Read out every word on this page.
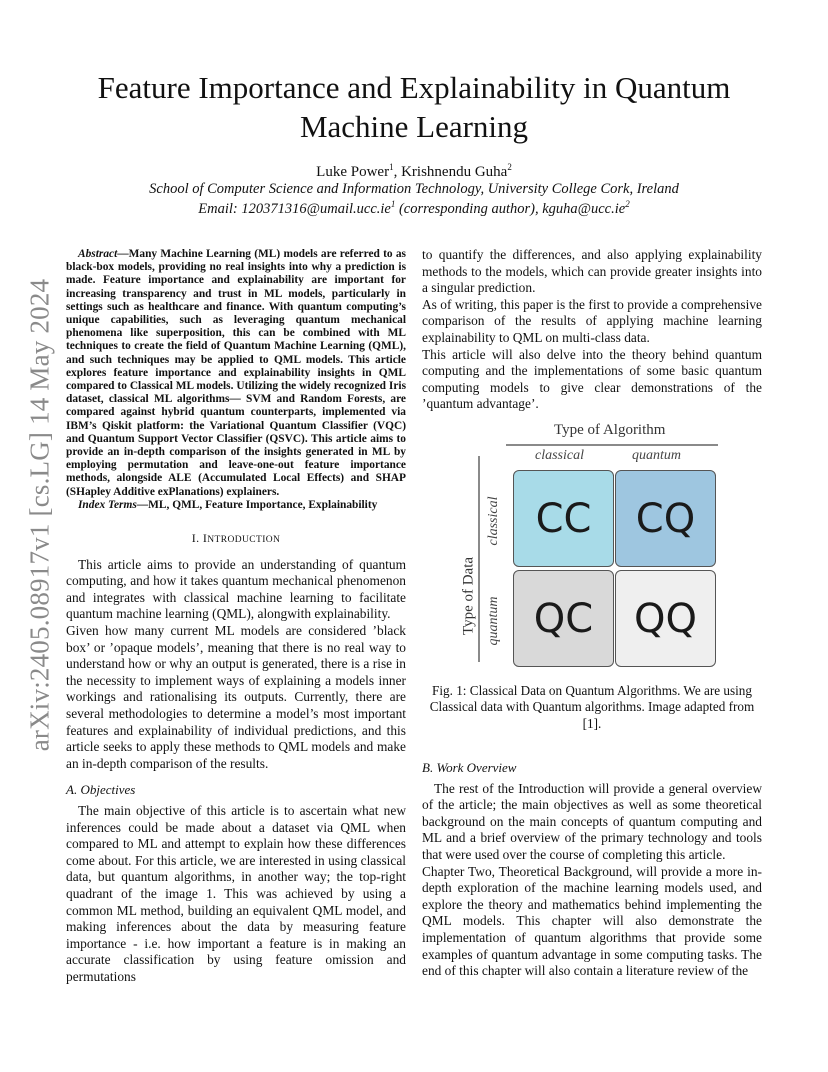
arXiv:2405.08917v1 [cs.LG] 14 May 2024
Feature Importance and Explainability in Quantum
Machine Learning
Luke Power$^1$, Krishnendu Guha$^2$
School of Computer Science and Information Technology, University College Cork, Ireland
Email: $120371316@umail.ucc.ie^1$ (corresponding author), $kguha@ucc.ie^2$

Abstract—Many Machine Learning (ML) models are referred to as black-box models, providing no real insights into why a prediction is made. Feature importance and explainability are important for increasing transparency and trust in ML models, particularly in settings such as healthcare and finance. With quantum computing’s unique capabilities, such as leveraging quantum mechanical phenomena like superposition, this can be combined with ML techniques to create the field of Quantum Machine Learning (QML), and such techniques may be applied to QML models. This article explores feature importance and explainability insights in QML compared to Classical ML models. Utilizing the widely recognized Iris dataset, classical ML algorithms— SVM and Random Forests, are compared against hybrid quantum counterparts, implemented via IBM’s Qiskit platform: the Variational Quantum Classifier (VQC) and Quantum Support Vector Classifier (QSVC). This article aims to provide an in-depth comparison of the insights generated in ML by employing permutation and leave-one-out feature importance methods, alongside ALE (Accumulated Local Effects) and SHAP (SHapley Additive exPlanations) explainers.

Index Terms—ML, QML, Feature Importance, Explainability

I. INTRODUCTION

This article aims to provide an understanding of quantum computing, and how it takes quantum mechanical phenomenon and integrates with classical machine learning to facilitate quantum machine learning (QML), alongwith explainability.

Given how many current ML models are considered ’black box’ or ’opaque models’, meaning that there is no real way to understand how or why an output is generated, there is a rise in the necessity to implement ways of explaining a models inner workings and rationalising its outputs. Currently, there are several methodologies to determine a model’s most important features and explainability of individual predictions, and this article seeks to apply these methods to QML models and make an in-depth comparison of the results.

A. Objectives

The main objective of this article is to ascertain what new inferences could be made about a dataset via QML when compared to ML and attempt to explain how these differences come about. For this article, we are interested in using classical data, but quantum algorithms, in another way; the top-right quadrant of the image 1. This was achieved by using a common ML method, building an equivalent QML model, and making inferences about the data by measuring feature importance - i.e. how important a feature is in making an accurate classification by using feature omission and permutations

to quantify the differences, and also applying explainability methods to the models, which can provide greater insights into a singular prediction.

As of writing, this paper is the first to provide a comprehensive comparison of the results of applying machine learning explainability to QML on multi-class data.

This article will also delve into the theory behind quantum computing and the implementations of some basic quantum computing models to give clear demonstrations of the ’quantum advantage’.

Type of Algorithm
classical	quantum
Type of Data
classical
quantum
CC	CQ
QC	QQ
Fig. 1: Classical Data on Quantum Algorithms. We are using Classical data with Quantum algorithms. Image adapted from [1].
B. Work Overview

The rest of the Introduction will provide a general overview of the article; the main objectives as well as some theoretical background on the main concepts of quantum computing and ML and a brief overview of the primary technology and tools that were used over the course of completing this article.

Chapter Two, Theoretical Background, will provide a more in-depth exploration of the machine learning models used, and explore the theory and mathematics behind implementing the QML models. This chapter will also demonstrate the implementation of quantum algorithms that provide some examples of quantum advantage in some computing tasks. The end of this chapter will also contain a literature review of the
